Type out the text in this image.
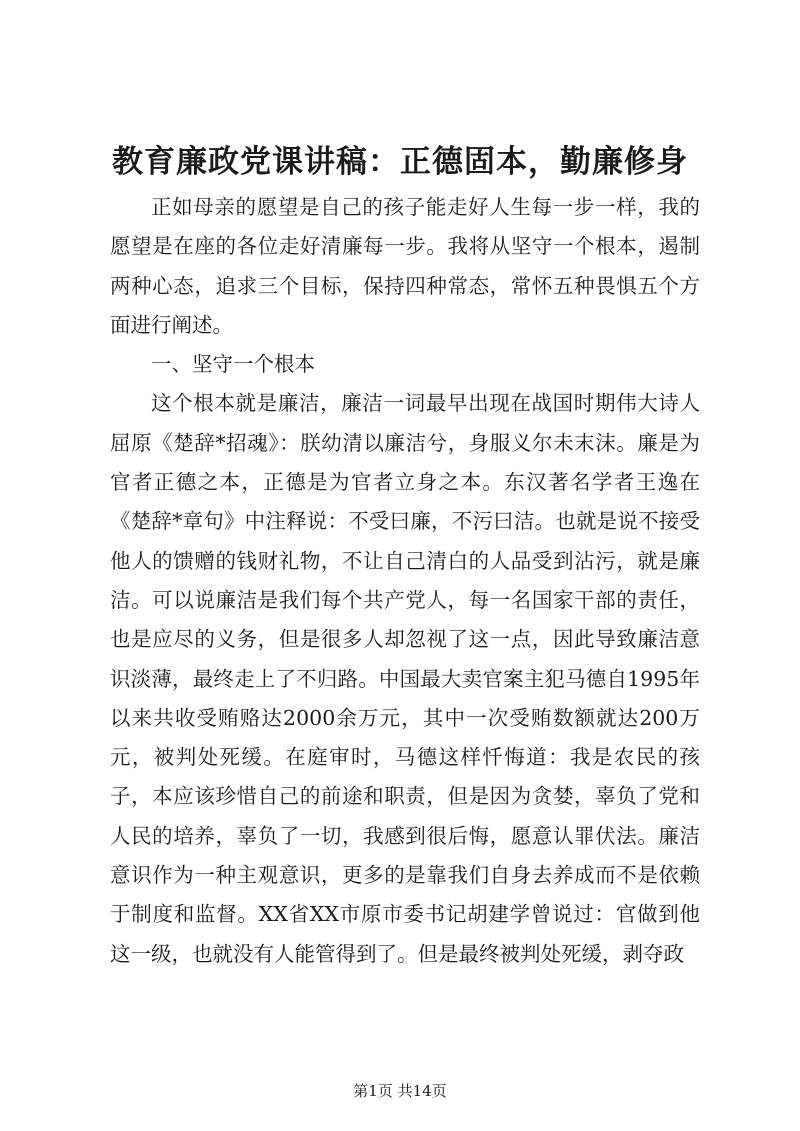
教育廉政党课讲稿：正德固本，勤廉修身

正如母亲的愿望是自己的孩子能走好人生每一步一样，我的愿望是在座的各位走好清廉每一步。我将从坚守一个根本，遏制两种心态，追求三个目标，保持四种常态，常怀五种畏惧五个方面进行阐述。

一、坚守一个根本

这个根本就是廉洁，廉洁一词最早出现在战国时期伟大诗人屈原《楚辞*招魂》：朕幼清以廉洁兮，身服义尔未末沫。廉是为官者正德之本，正德是为官者立身之本。东汉著名学者王逸在《楚辞*章句》中注释说：不受曰廉，不污曰洁。也就是说不接受他人的馈赠的钱财礼物，不让自己清白的人品受到沾污，就是廉洁。可以说廉洁是我们每个共产党人，每一名国家干部的责任，也是应尽的义务，但是很多人却忽视了这一点，因此导致廉洁意识淡薄，最终走上了不归路。中国最大卖官案主犯马德自1995年以来共收受贿赂达2000余万元，其中一次受贿数额就达200万元，被判处死缓。在庭审时，马德这样忏悔道：我是农民的孩子，本应该珍惜自己的前途和职责，但是因为贪婪，辜负了党和人民的培养，辜负了一切，我感到很后悔，愿意认罪伏法。廉洁意识作为一种主观意识，更多的是靠我们自身去养成而不是依赖于制度和监督。XX省XX市原市委书记胡建学曾说过：官做到他这一级，也就没有人能管得到了。但是最终被判处死缓，剥夺政

第1页 共14页
